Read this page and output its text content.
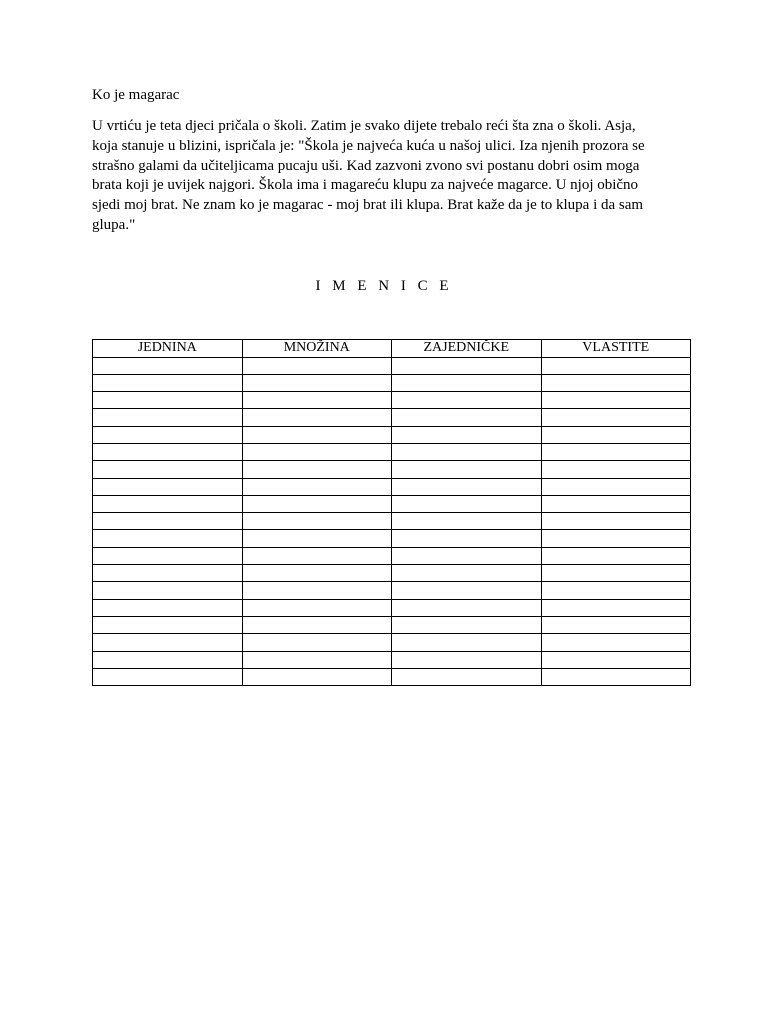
Ko je magarac

U vrtiću je teta djeci pričala o školi. Zatim je svako dijete trebalo reći šta zna o školi. Asja,
koja stanuje u blizini, ispričala je: "Škola je najveća kuća u našoj ulici. Iza njenih prozora se
strašno galami da učiteljicama pucaju uši. Kad zazvoni zvono svi postanu dobri osim moga
brata koji je uvijek najgori. Škola ima i magareću klupu za najveće magarce. U njoj obično
sjedi moj brat. Ne znam ko je magarac - moj brat ili klupa. Brat kaže da je to klupa i da sam
glupa."

I M E N I C E

JEDNINA	MNOŽINA	ZAJEDNIČKE	VLASTITE
